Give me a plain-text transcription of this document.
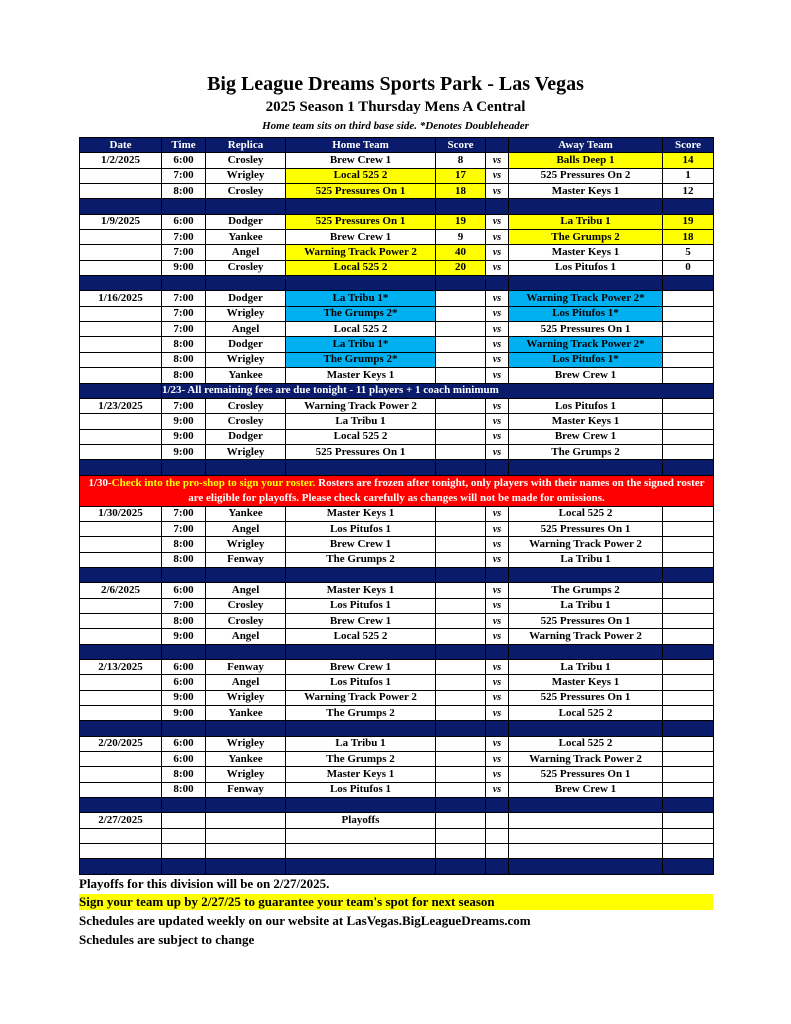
Big League Dreams Sports Park - Las Vegas
2025 Season 1 Thursday Mens A Central
Home team sits on third base side. *Denotes Doubleheader
Date	Time	Replica	Home Team	Score		Away Team	Score
1/2/2025	6:00	Crosley	Brew Crew 1	8	vs	Balls Deep 1	14
	7:00	Wrigley	Local 525 2	17	vs	525 Pressures On 2	1
	8:00	Crosley	525 Pressures On 1	18	vs	Master Keys 1	12

1/9/2025	6:00	Dodger	525 Pressures On 1	19	vs	La Tribu 1	19
	7:00	Yankee	Brew Crew 1	9	vs	The Grumps 2	18
	7:00	Angel	Warning Track Power 2	40	vs	Master Keys 1	5
	9:00	Crosley	Local 525 2	20	vs	Los Pitufos 1	0

1/16/2025	7:00	Dodger	La Tribu 1*		vs	Warning Track Power 2*	
	7:00	Wrigley	The Grumps 2*		vs	Los Pitufos 1*	
	7:00	Angel	Local 525 2		vs	525 Pressures On 1	
	8:00	Dodger	La Tribu 1*		vs	Warning Track Power 2*	
	8:00	Wrigley	The Grumps 2*		vs	Los Pitufos 1*	
	8:00	Yankee	Master Keys 1		vs	Brew Crew 1	
	1/23- All remaining fees are due tonight - 11 players + 1 coach minimum						
1/23/2025	7:00	Crosley	Warning Track Power 2		vs	Los Pitufos 1	
	9:00	Crosley	La Tribu 1		vs	Master Keys 1	
	9:00	Dodger	Local 525 2		vs	Brew Crew 1	
	9:00	Wrigley	525 Pressures On 1		vs	The Grumps 2	

1/30-Check into the pro-shop to sign your roster. Rosters are frozen after tonight, only players with their names on the signed roster are eligible for playoffs. Please check carefully as changes will not be made for omissions.							
1/30/2025	7:00	Yankee	Master Keys 1		vs	Local 525 2	
	7:00	Angel	Los Pitufos 1		vs	525 Pressures On 1	
	8:00	Wrigley	Brew Crew 1		vs	Warning Track Power 2	
	8:00	Fenway	The Grumps 2		vs	La Tribu 1	

2/6/2025	6:00	Angel	Master Keys 1		vs	The Grumps 2	
	7:00	Crosley	Los Pitufos 1		vs	La Tribu 1	
	8:00	Crosley	Brew Crew 1		vs	525 Pressures On 1	
	9:00	Angel	Local 525 2		vs	Warning Track Power 2	

2/13/2025	6:00	Fenway	Brew Crew 1		vs	La Tribu 1	
	6:00	Angel	Los Pitufos 1		vs	Master Keys 1	
	9:00	Wrigley	Warning Track Power 2		vs	525 Pressures On 1	
	9:00	Yankee	The Grumps 2		vs	Local 525 2	

2/20/2025	6:00	Wrigley	La Tribu 1		vs	Local 525 2	
	6:00	Yankee	The Grumps 2		vs	Warning Track Power 2	
	8:00	Wrigley	Master Keys 1		vs	525 Pressures On 1	
	8:00	Fenway	Los Pitufos 1		vs	Brew Crew 1	

2/27/2025			Playoffs				

Playoffs for this division will be on 2/27/2025.
Sign your team up by 2/27/25 to guarantee your team's spot for next season
Schedules are updated weekly on our website at LasVegas.BigLeagueDreams.com
Schedules are subject to change
